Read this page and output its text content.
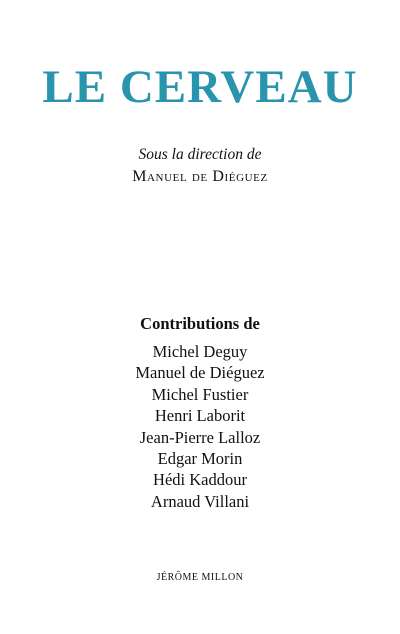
LE CERVEAU
Sous la direction de
Manuel de Diéguez
Contributions de
Michel Deguy
Manuel de Diéguez
Michel Fustier
Henri Laborit
Jean-Pierre Lalloz
Edgar Morin
Hédi Kaddour
Arnaud Villani
JÉRÔME MILLON
